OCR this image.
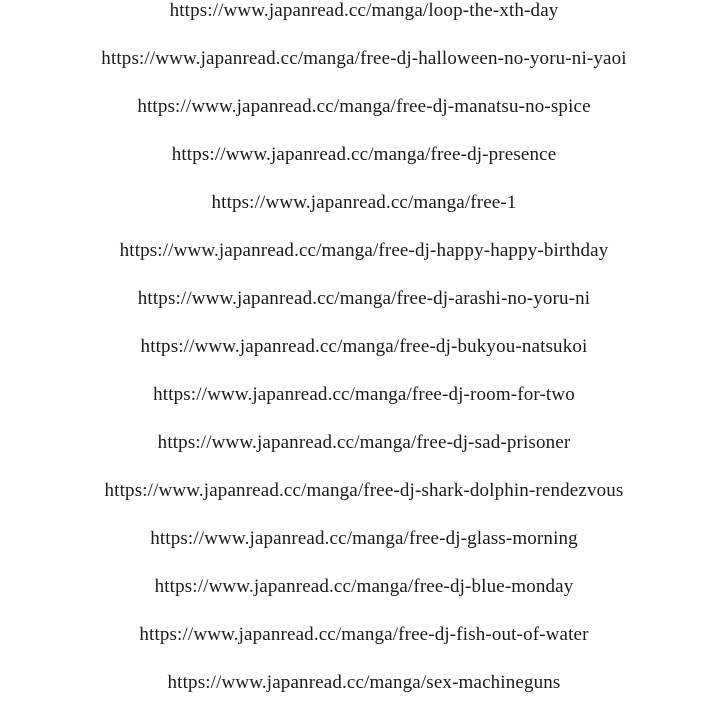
https://www.japanread.cc/manga/loop-the-xth-day
https://www.japanread.cc/manga/free-dj-halloween-no-yoru-ni-yaoi
https://www.japanread.cc/manga/free-dj-manatsu-no-spice
https://www.japanread.cc/manga/free-dj-presence
https://www.japanread.cc/manga/free-1
https://www.japanread.cc/manga/free-dj-happy-happy-birthday
https://www.japanread.cc/manga/free-dj-arashi-no-yoru-ni
https://www.japanread.cc/manga/free-dj-bukyou-natsukoi
https://www.japanread.cc/manga/free-dj-room-for-two
https://www.japanread.cc/manga/free-dj-sad-prisoner
https://www.japanread.cc/manga/free-dj-shark-dolphin-rendezvous
https://www.japanread.cc/manga/free-dj-glass-morning
https://www.japanread.cc/manga/free-dj-blue-monday
https://www.japanread.cc/manga/free-dj-fish-out-of-water
https://www.japanread.cc/manga/sex-machineguns
